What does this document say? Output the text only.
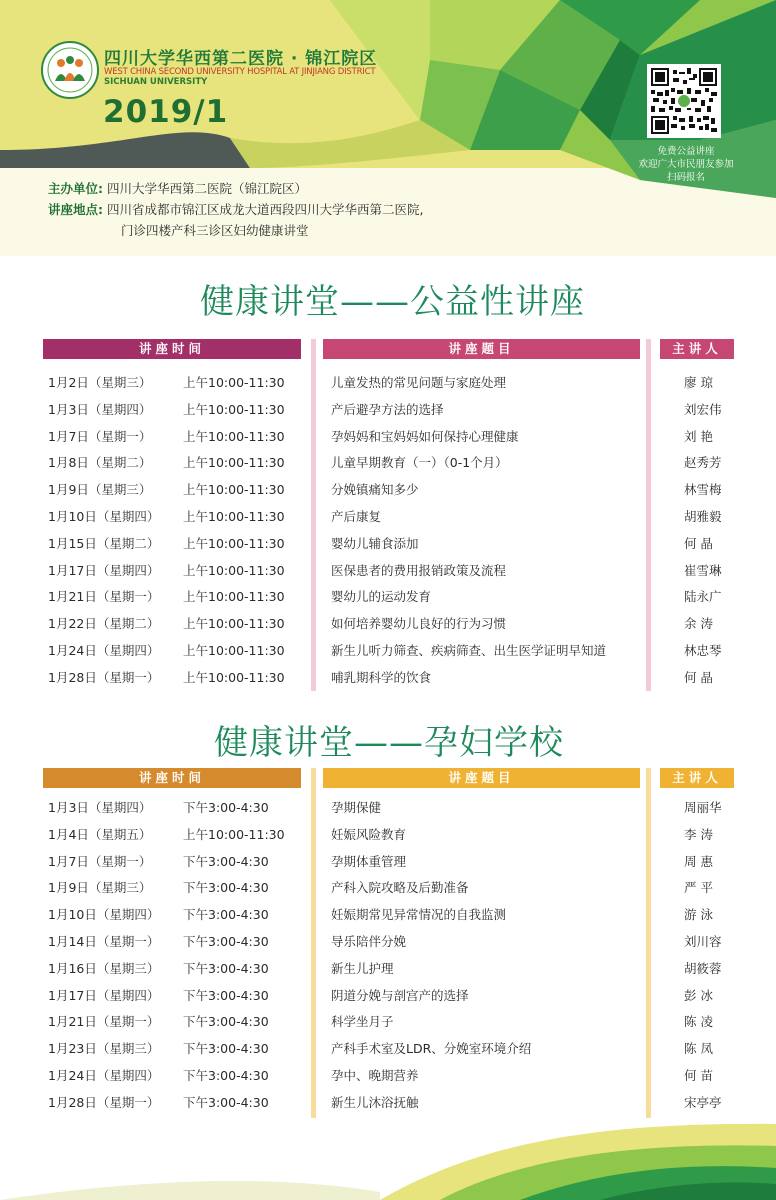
四川大学华西第二医院 · 锦江院区
WEST CHINA SECOND UNIVERSITY HOSPITAL AT JINJIANG DISTRICT
SICHUAN UNIVERSITY
2019/1
免费公益讲座
欢迎广大市民朋友参加
扫码报名
主办单位: 四川大学华西第二医院（锦江院区）
讲座地点: 四川省成都市锦江区成龙大道西段四川大学华西第二医院,
门诊四楼产科三诊区妇幼健康讲堂
健康讲堂——公益性讲座
讲座时间	讲座题目	主讲人
1月2日（星期三）	上午10:00-11:30	儿童发热的常见问题与家庭处理	廖 琼
1月3日（星期四）	上午10:00-11:30	产后避孕方法的选择	刘宏伟
1月7日（星期一）	上午10:00-11:30	孕妈妈和宝妈妈如何保持心理健康	刘 艳
1月8日（星期二）	上午10:00-11:30	儿童早期教育（一）（0-1个月）	赵秀芳
1月9日（星期三）	上午10:00-11:30	分娩镇痛知多少	林雪梅
1月10日（星期四） 上午10:00-11:30	产后康复	胡雅毅
1月15日（星期二） 上午10:00-11:30	婴幼儿辅食添加	何 晶
1月17日（星期四） 上午10:00-11:30	医保患者的费用报销政策及流程	崔雪琳
1月21日（星期一） 上午10:00-11:30	婴幼儿的运动发育	陆永广
1月22日（星期二） 上午10:00-11:30	如何培养婴幼儿良好的行为习惯	余 涛
1月24日（星期四） 上午10:00-11:30	新生儿听力筛查、疾病筛查、出生医学证明早知道	林忠琴
1月28日（星期一） 上午10:00-11:30	哺乳期科学的饮食	何 晶
健康讲堂——孕妇学校
讲座时间	讲座题目	主讲人
1月3日（星期四）	下午3:00-4:30	孕期保健	周丽华
1月4日（星期五）	上午10:00-11:30	妊娠风险教育	李 涛
1月7日（星期一）	下午3:00-4:30	孕期体重管理	周 惠
1月9日（星期三）	下午3:00-4:30	产科入院攻略及后勤准备	严 平
1月10日（星期四） 下午3:00-4:30	妊娠期常见异常情况的自我监测	游 泳
1月14日（星期一） 下午3:00-4:30	导乐陪伴分娩	刘川容
1月16日（星期三） 下午3:00-4:30	新生儿护理	胡筱蓉
1月17日（星期四） 下午3:00-4:30	阴道分娩与剖宫产的选择	彭 冰
1月21日（星期一） 下午3:00-4:30	科学坐月子	陈 凌
1月23日（星期三） 下午3:00-4:30	产科手术室及LDR、分娩室环境介绍	陈 凤
1月24日（星期四） 下午3:00-4:30	孕中、晚期营养	何 苗
1月28日（星期一） 下午3:00-4:30	新生儿沐浴抚触	宋亭亭
